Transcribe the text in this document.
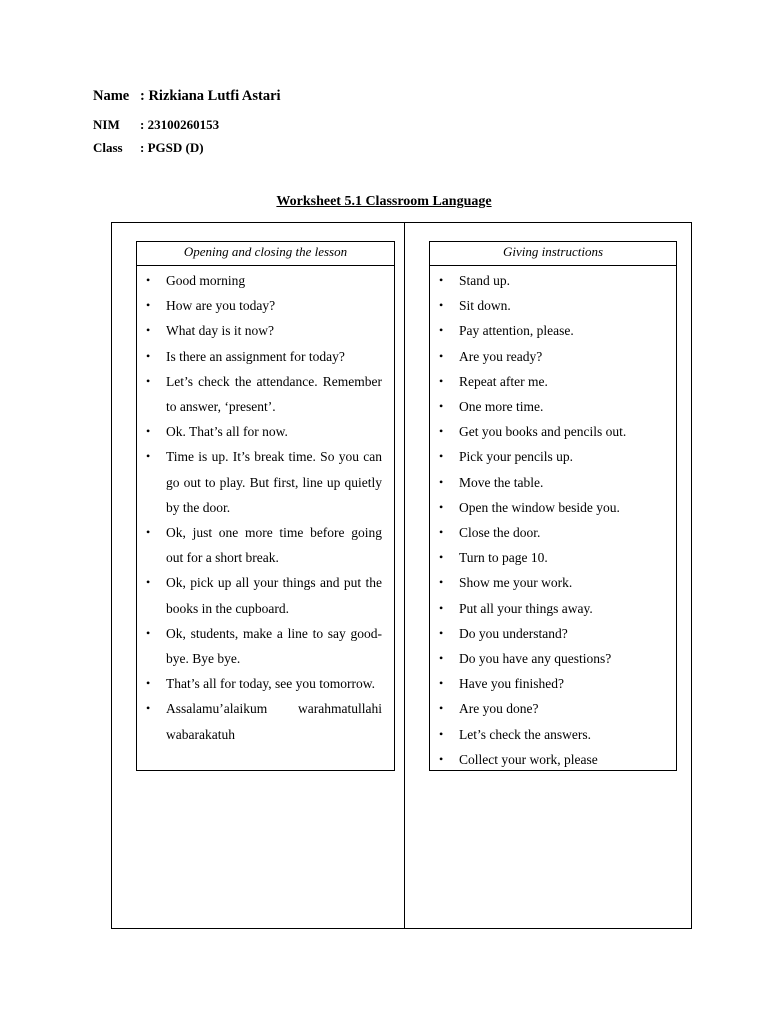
Name : Rizkiana Lutfi Astari
NIM : 23100260153
Class : PGSD (D)
Worksheet 5.1 Classroom Language
Opening and closing the lesson
• Good morning
• How are you today?
• What day is it now?
• Is there an assignment for today?
• Let’s check the attendance. Remember to answer, ‘present’.
• Ok. That’s all for now.
• Time is up. It’s break time. So you can go out to play. But first, line up quietly by the door.
• Ok, just one more time before going out for a short break.
• Ok, pick up all your things and put the books in the cupboard.
• Ok, students, make a line to say good-bye. Bye bye.
• That’s all for today, see you tomorrow.
• Assalamu’alaikum warahmatullahi wabarakatuh
Giving instructions
• Stand up.
• Sit down.
• Pay attention, please.
• Are you ready?
• Repeat after me.
• One more time.
• Get you books and pencils out.
• Pick your pencils up.
• Move the table.
• Open the window beside you.
• Close the door.
• Turn to page 10.
• Show me your work.
• Put all your things away.
• Do you understand?
• Do you have any questions?
• Have you finished?
• Are you done?
• Let’s check the answers.
• Collect your work, please
